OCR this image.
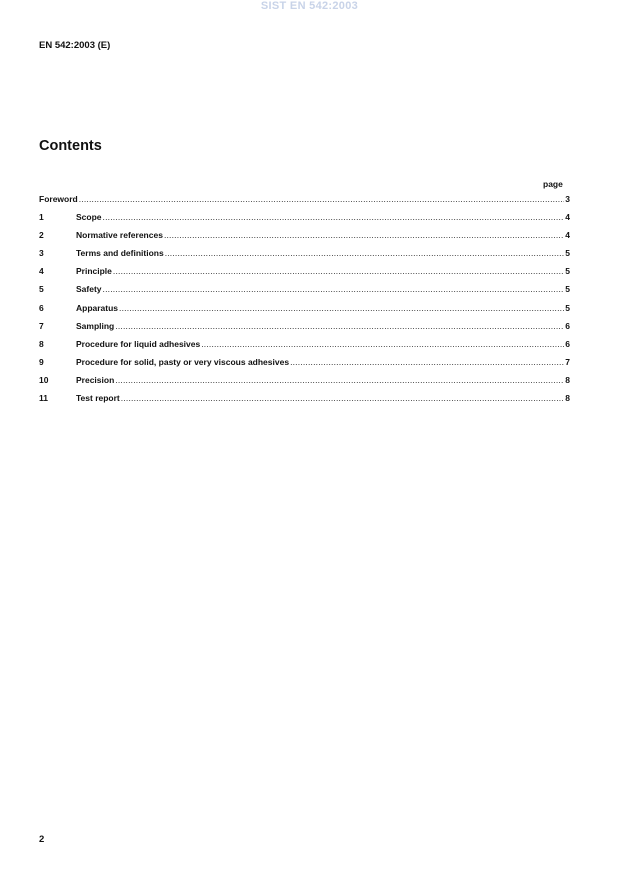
SIST EN 542:2003
EN 542:2003 (E)
Contents
page
Foreword .....	3
1	Scope .....	4
2	Normative references .....	4
3	Terms and definitions .....	5
4	Principle .....	5
5	Safety .....	5
6	Apparatus .....	5
7	Sampling .....	6
8	Procedure for liquid adhesives .....	6
9	Procedure for solid, pasty or very viscous adhesives .....	7
10	Precision .....	8
11	Test report .....	8
2
